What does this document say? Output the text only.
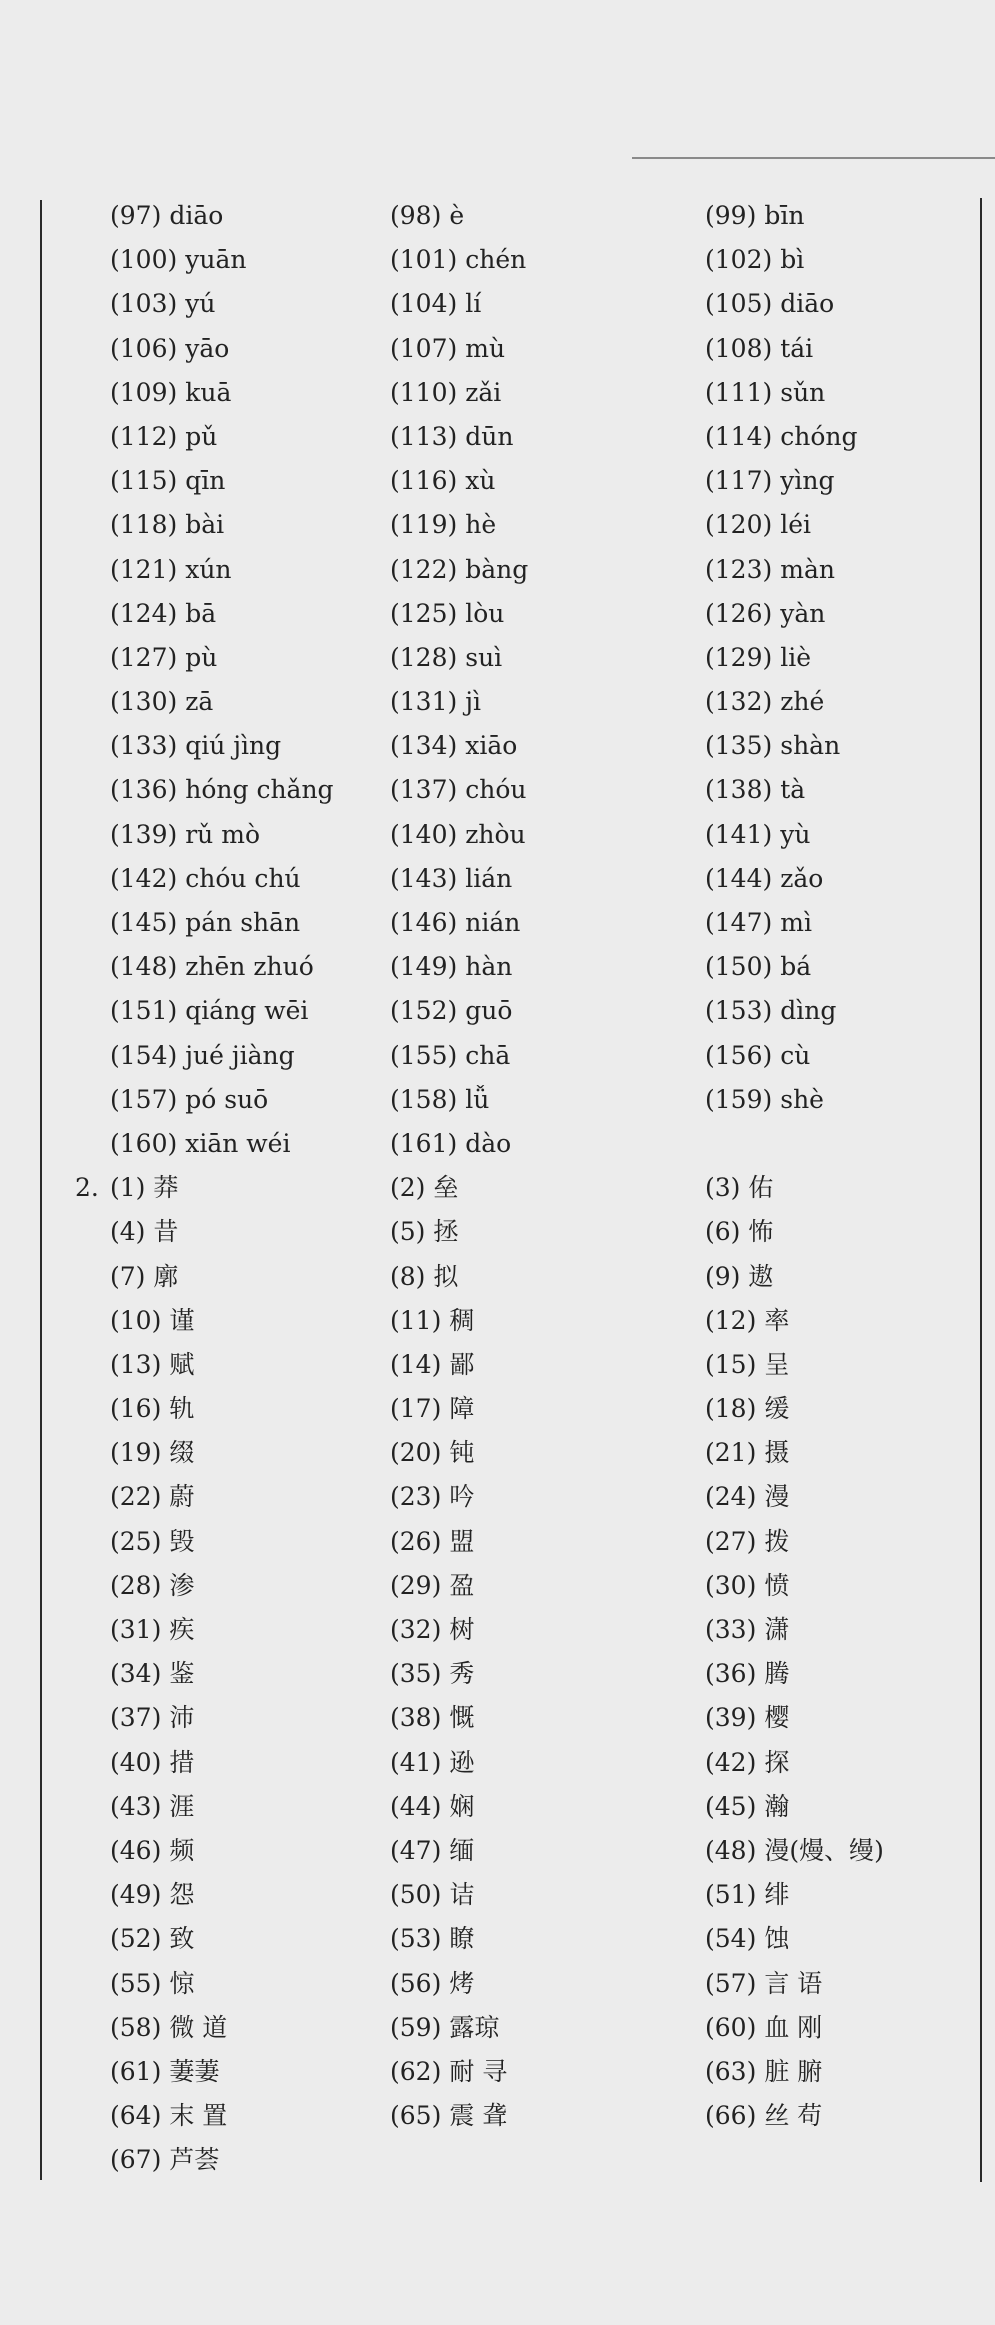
(97) diāo	(98) è	(99) bīn
(100) yuān	(101) chén	(102) bì
(103) yú	(104) lí	(105) diāo
(106) yāo	(107) mù	(108) tái
(109) kuā	(110) zǎi	(111) sǔn
(112) pǔ	(113) dūn	(114) chóng
(115) qīn	(116) xù	(117) yìng
(118) bài	(119) hè	(120) léi
(121) xún	(122) bàng	(123) màn
(124) bā	(125) lòu	(126) yàn
(127) pù	(128) suì	(129) liè
(130) zā	(131) jì	(132) zhé
(133) qiú jìng	(134) xiāo	(135) shàn
(136) hóng chǎng (137) chóu	(138) tà
(139) rǔ mò	(140) zhòu	(141) yù
(142) chóu chú	(143) lián	(144) zǎo
(145) pán shān	(146) nián	(147) mì
(148) zhēn zhuó	(149) hàn	(150) bá
(151) qiáng wēi	(152) guō	(153) dìng
(154) jué jiàng	(155) chā	(156) cù
(157) pó suō	(158) lǚ	(159) shè
(160) xiān wéi	(161) dào
2. (1) 莽	(2) 垒	(3) 佑
(4) 昔	(5) 拯	(6) 怖
(7) 廓	(8) 拟	(9) 遨
(10) 谨	(11) 稠	(12) 率
(13) 赋	(14) 鄙	(15) 呈
(16) 轨	(17) 障	(18) 缓
(19) 缀	(20) 钝	(21) 摄
(22) 蔚	(23) 吟	(24) 漫
(25) 毁	(26) 盟	(27) 拨
(28) 渗	(29) 盈	(30) 愤
(31) 疾	(32) 树	(33) 潇
(34) 鉴	(35) 秀	(36) 腾
(37) 沛	(38) 慨	(39) 樱
(40) 措	(41) 逊	(42) 探
(43) 涯	(44) 娴	(45) 瀚
(46) 频	(47) 缅	(48) 漫(熳、缦)
(49) 怨	(50) 诘	(51) 绯
(52) 致	(53) 瞭	(54) 蚀
(55) 惊	(56) 烤	(57) 言 语
(58) 微 道	(59) 露琼	(60) 血 刚
(61) 萋萋	(62) 耐 寻	(63) 脏 腑
(64) 末 置	(65) 震 聋	(66) 丝 苟
(67) 芦荟
